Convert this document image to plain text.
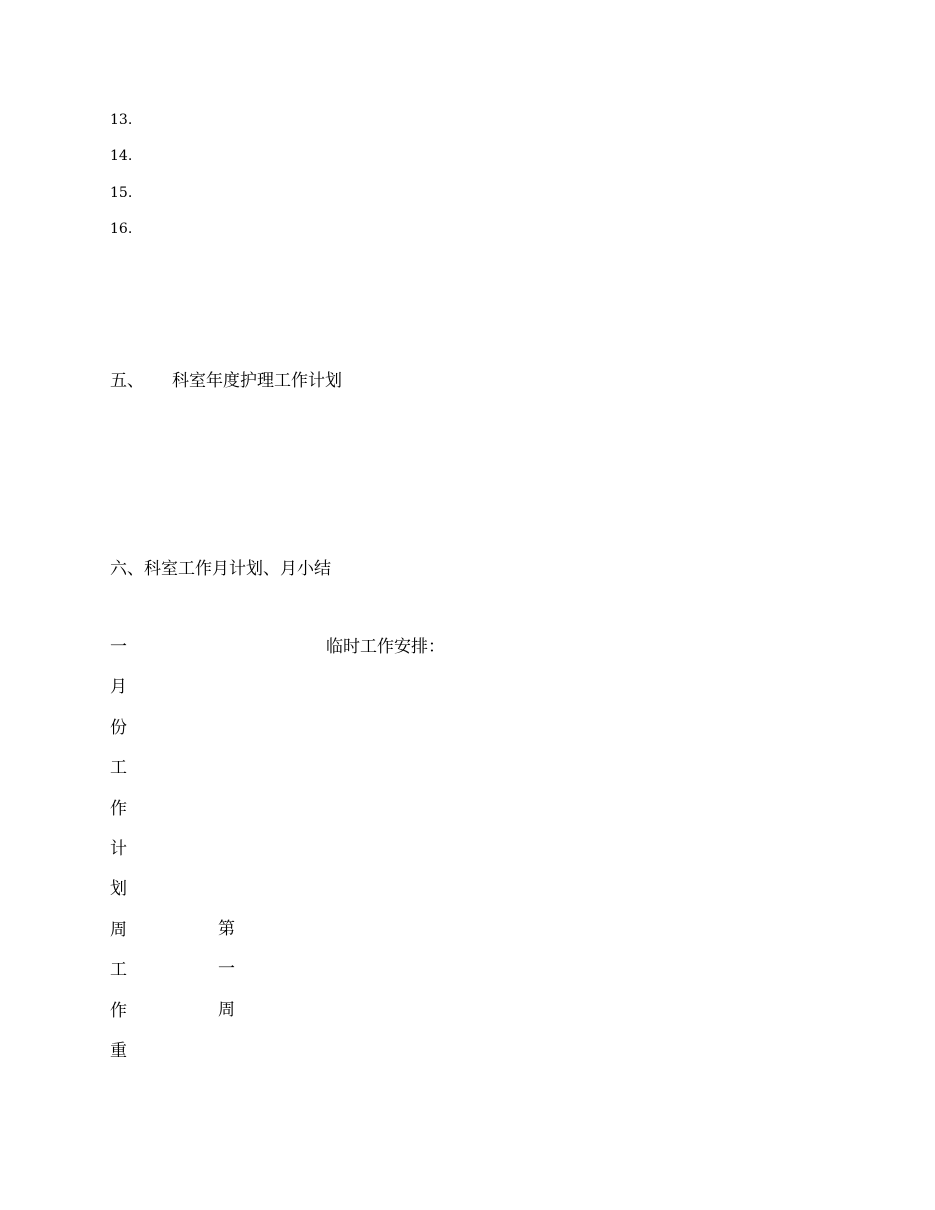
13.
14.
15.
16.
五、 科室年度护理工作计划
六、科室工作月计划、月小结
一
月
份
工
作
计
划
周
工
作
重
第
一
周
临时工作安排：
